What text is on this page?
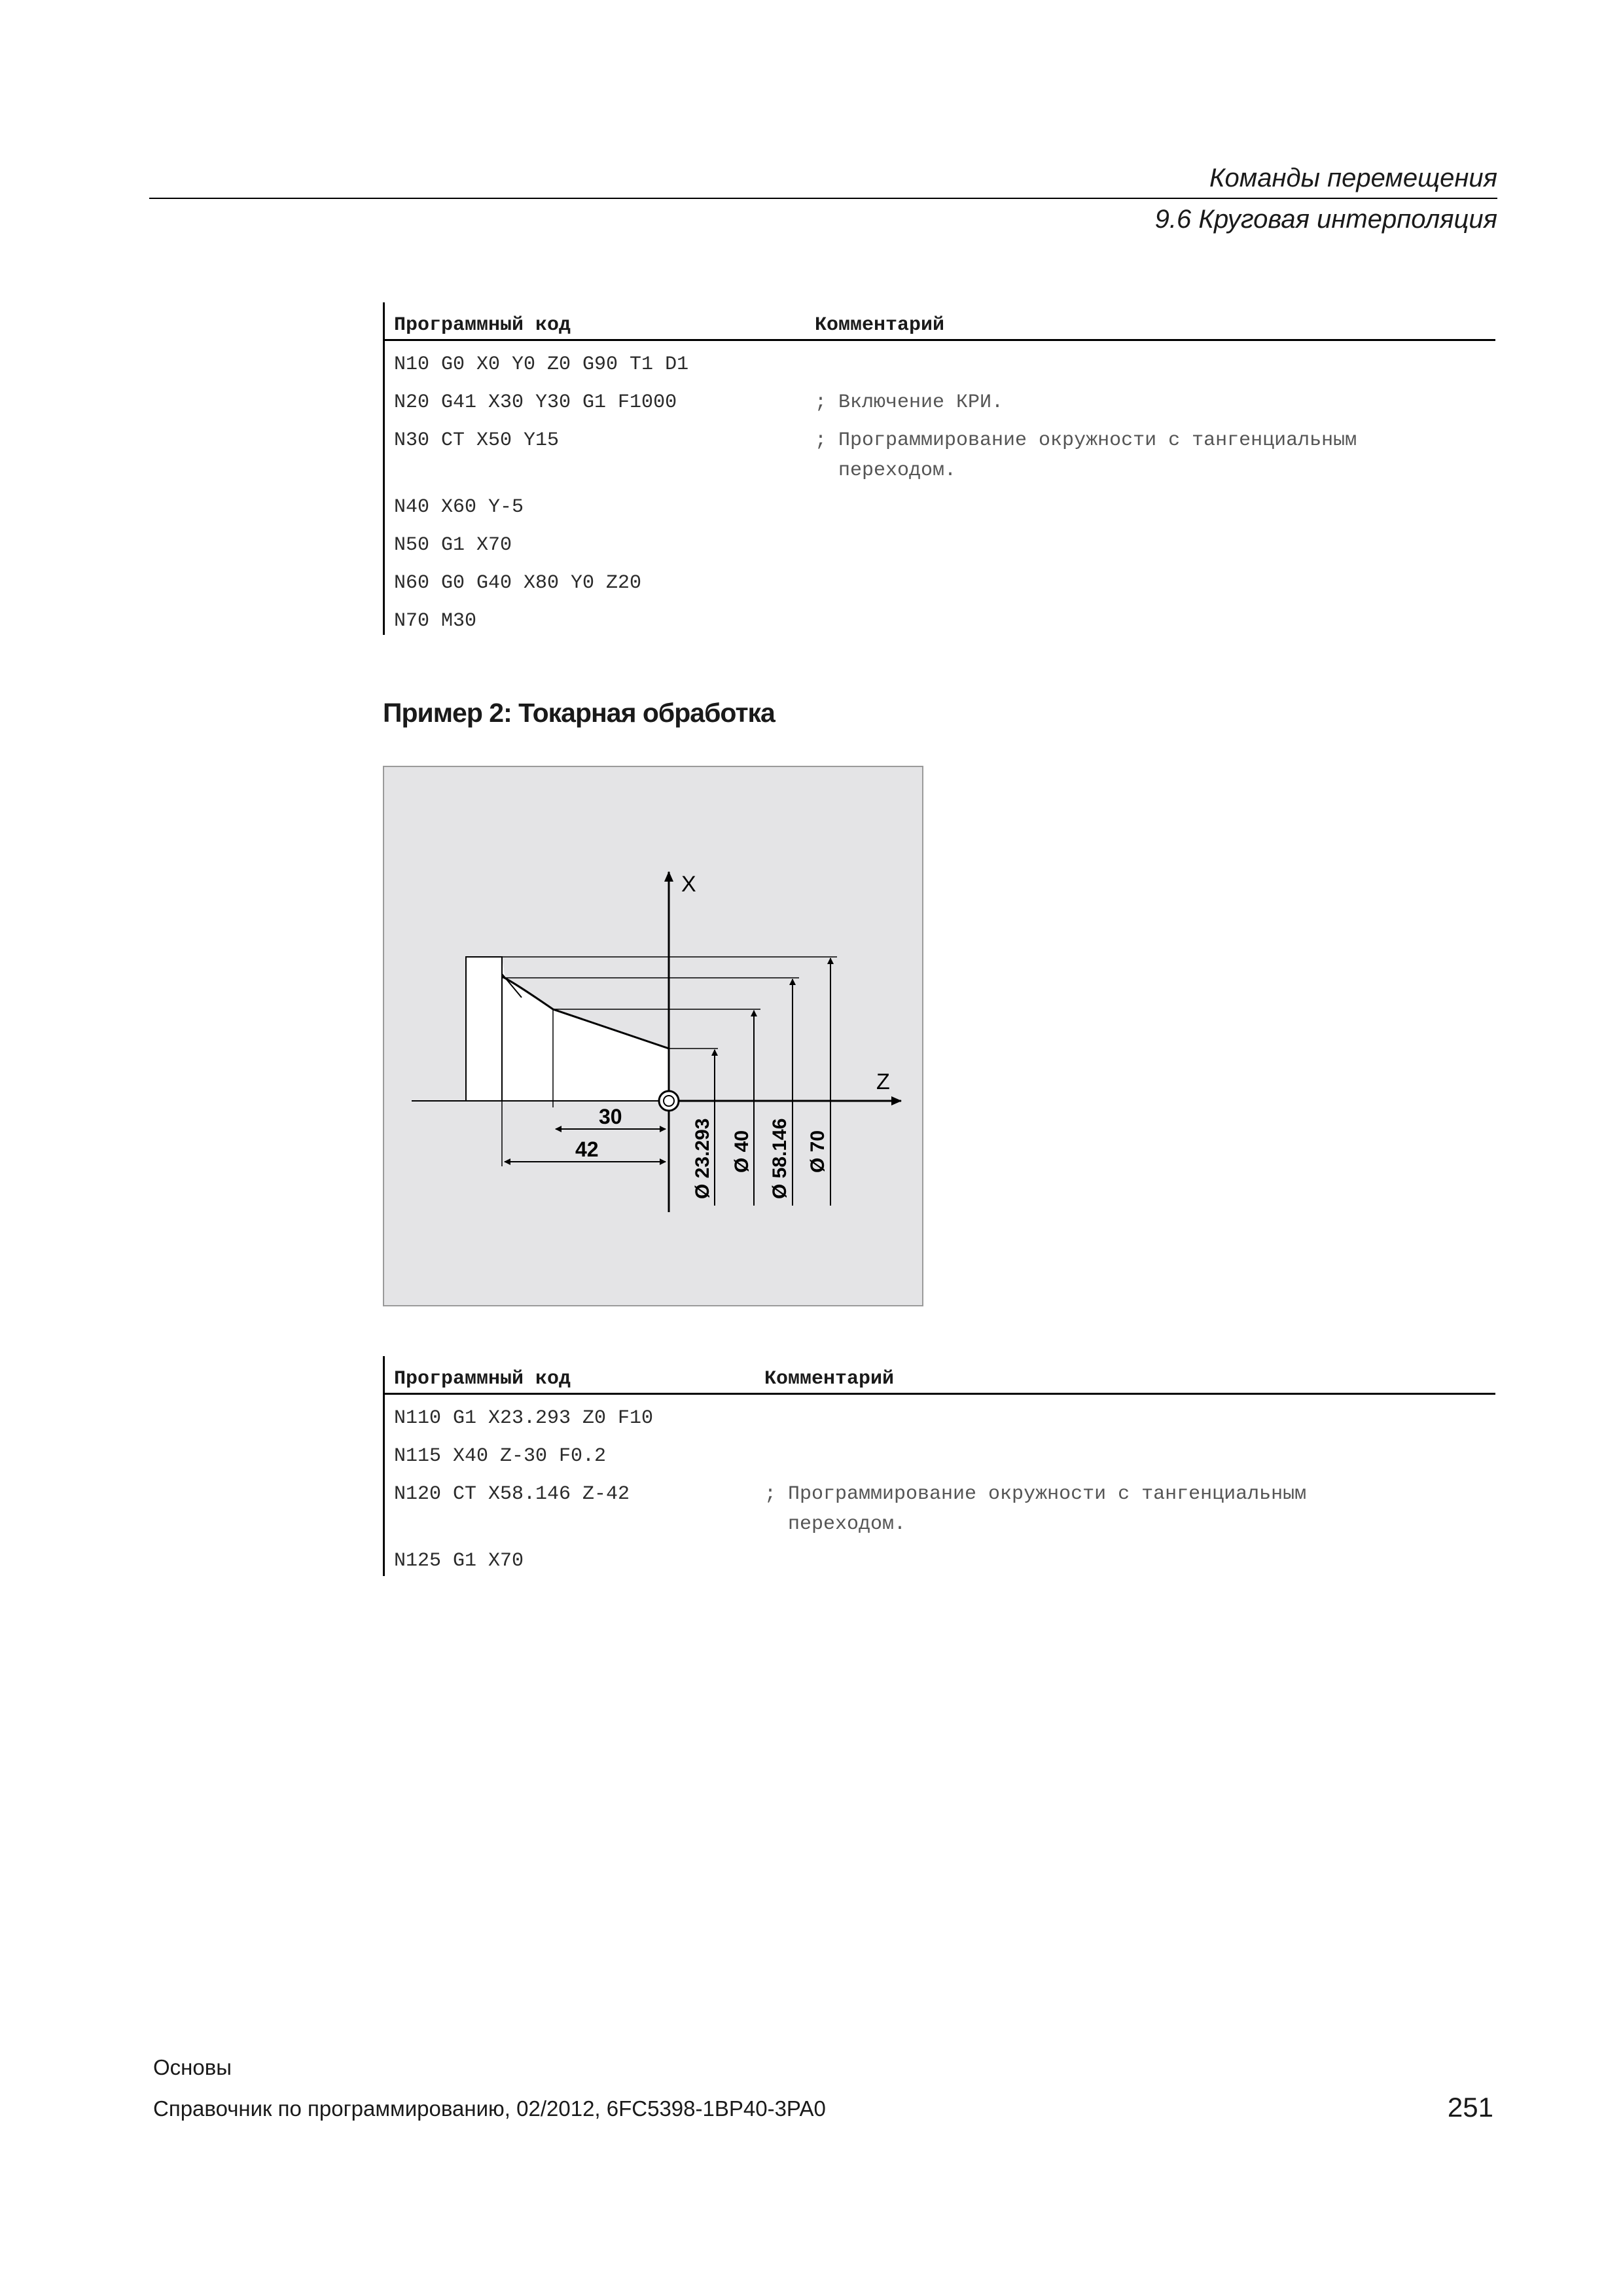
Команды перемещения
9.6 Круговая интерполяция
Программный код	Комментарий
N10 G0 X0 Y0 Z0 G90 T1 D1
N20 G41 X30 Y30 G1 F1000	; Включение КРИ.
N30 CT X50 Y15	; Программирование окружности с тангенциальным
переходом.
N40 X60 Y-5
N50 G1 X70
N60 G0 G40 X80 Y0 Z20
N70 M30
Пример 2: Токарная обработка
X
Z
30
42	Ø 23.293 Ø 40 Ø 58.146 Ø 70
Программный код	Комментарий
N110 G1 X23.293 Z0 F10
N115 X40 Z-30 F0.2
N120 CT X58.146 Z-42	; Программирование окружности с тангенциальным
переходом.
N125 G1 X70
Основы
Справочник по программированию, 02/2012, 6FC5398-1BP40-3PA0	251
